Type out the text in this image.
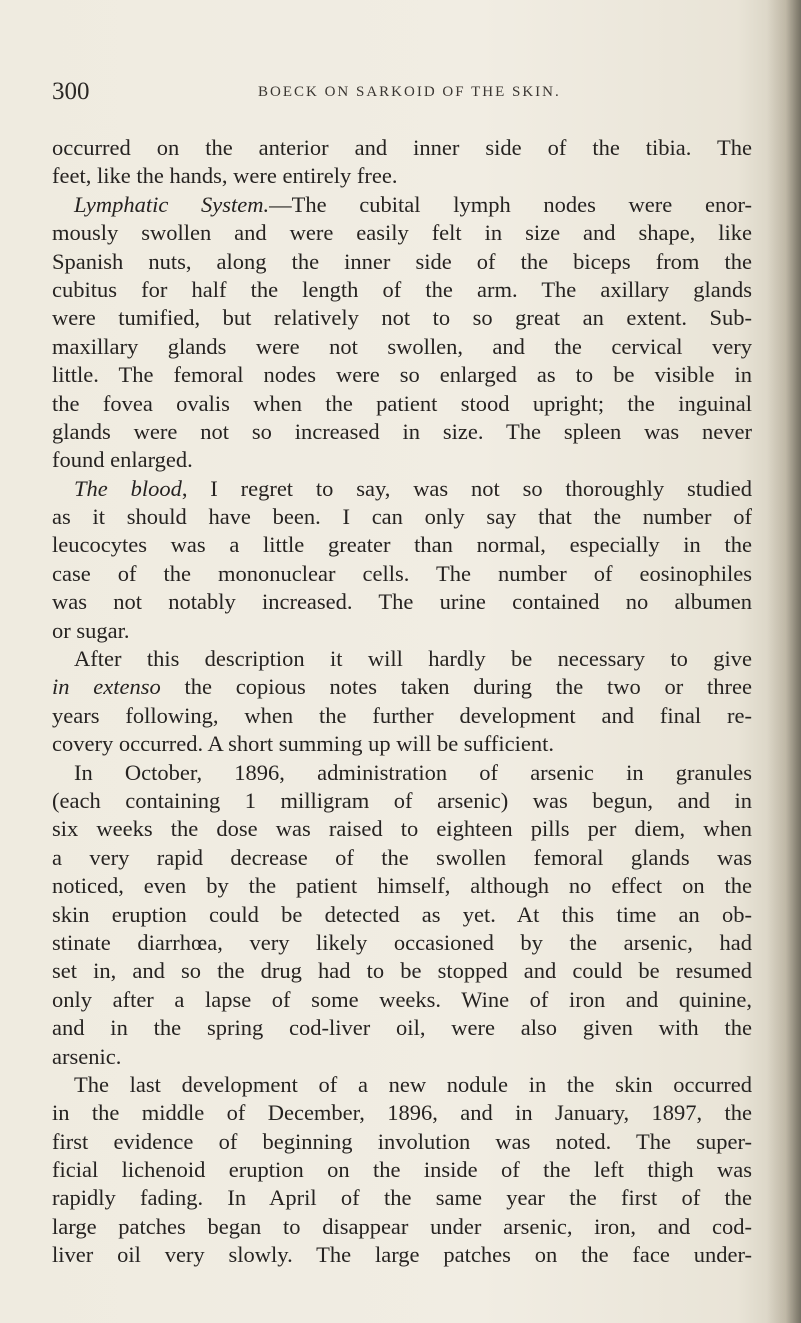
300	BOECK ON SARKOID OF THE SKIN.
occurred on the anterior and inner side of the tibia. The
feet, like the hands, were entirely free.
Lymphatic System.—The cubital lymph nodes were enor-
mously swollen and were easily felt in size and shape, like
Spanish nuts, along the inner side of the biceps from the
cubitus for half the length of the arm. The axillary glands
were tumified, but relatively not to so great an extent. Sub-
maxillary glands were not swollen, and the cervical very
little. The femoral nodes were so enlarged as to be visible in
the fovea ovalis when the patient stood upright; the inguinal
glands were not so increased in size. The spleen was never
found enlarged.
The blood, I regret to say, was not so thoroughly studied
as it should have been. I can only say that the number of
leucocytes was a little greater than normal, especially in the
case of the mononuclear cells. The number of eosinophiles
was not notably increased. The urine contained no albumen
or sugar.
After this description it will hardly be necessary to give
in extenso the copious notes taken during the two or three
years following, when the further development and final re-
covery occurred. A short summing up will be sufficient.
In October, 1896, administration of arsenic in granules
(each containing 1 milligram of arsenic) was begun, and in
six weeks the dose was raised to eighteen pills per diem, when
a very rapid decrease of the swollen femoral glands was
noticed, even by the patient himself, although no effect on the
skin eruption could be detected as yet. At this time an ob-
stinate diarrhœa, very likely occasioned by the arsenic, had
set in, and so the drug had to be stopped and could be resumed
only after a lapse of some weeks. Wine of iron and quinine,
and in the spring cod-liver oil, were also given with the
arsenic.
The last development of a new nodule in the skin occurred
in the middle of December, 1896, and in January, 1897, the
first evidence of beginning involution was noted. The super-
ficial lichenoid eruption on the inside of the left thigh was
rapidly fading. In April of the same year the first of the
large patches began to disappear under arsenic, iron, and cod-
liver oil very slowly. The large patches on the face under-
